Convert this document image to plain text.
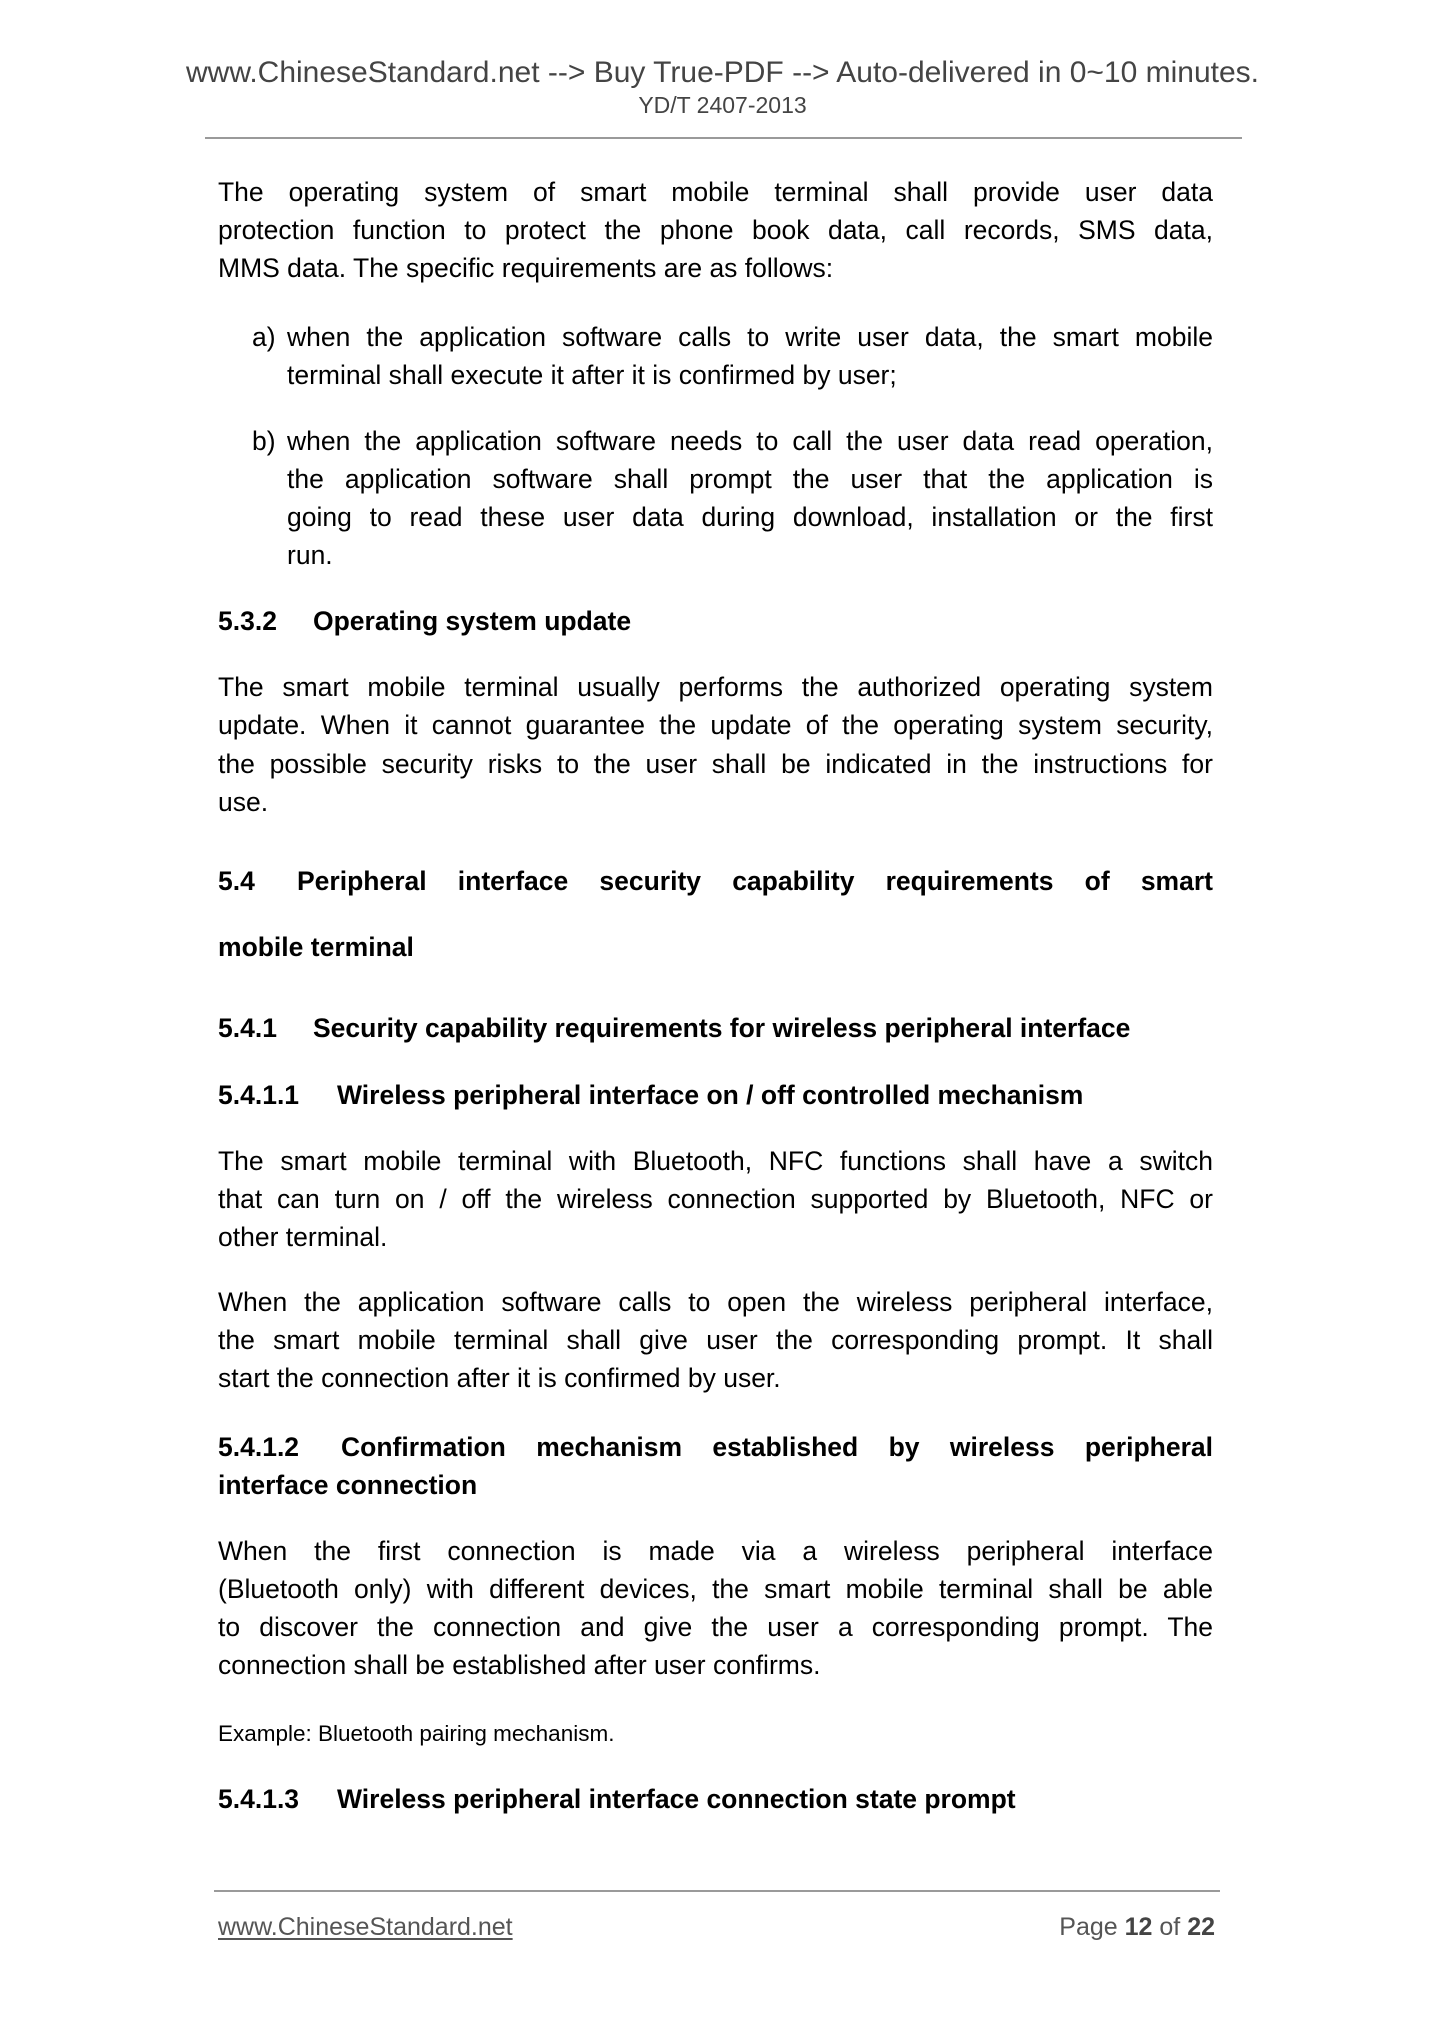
www.ChineseStandard.net --> Buy True-PDF --> Auto-delivered in 0~10 minutes.
YD/T 2407-2013
The operating system of smart mobile terminal shall provide user data
protection function to protect the phone book data, call records, SMS data,
MMS data. The specific requirements are as follows:
a) when the application software calls to write user data, the smart mobile
terminal shall execute it after it is confirmed by user;
b) when the application software needs to call the user data read operation,
the application software shall prompt the user that the application is
going to read these user data during download, installation or the first
run.
5.3.2 Operating system update
The smart mobile terminal usually performs the authorized operating system
update. When it cannot guarantee the update of the operating system security,
the possible security risks to the user shall be indicated in the instructions for
use.
5.4 Peripheral interface security capability requirements of smart
mobile terminal
5.4.1 Security capability requirements for wireless peripheral interface
5.4.1.1 Wireless peripheral interface on / off controlled mechanism
The smart mobile terminal with Bluetooth, NFC functions shall have a switch
that can turn on / off the wireless connection supported by Bluetooth, NFC or
other terminal.
When the application software calls to open the wireless peripheral interface,
the smart mobile terminal shall give user the corresponding prompt. It shall
start the connection after it is confirmed by user.
5.4.1.2 Confirmation mechanism established by wireless peripheral
interface connection
When the first connection is made via a wireless peripheral interface
(Bluetooth only) with different devices, the smart mobile terminal shall be able
to discover the connection and give the user a corresponding prompt. The
connection shall be established after user confirms.
Example: Bluetooth pairing mechanism.
5.4.1.3 Wireless peripheral interface connection state prompt
www.ChineseStandard.net	Page 12 of 22
